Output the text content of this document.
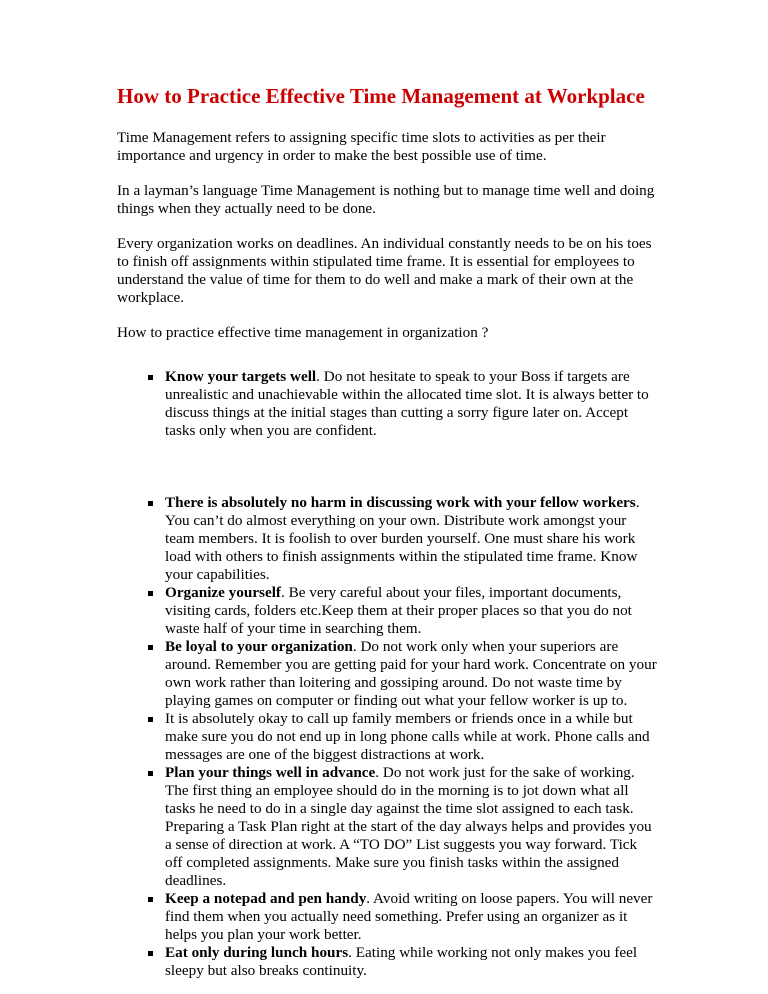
How to Practice Effective Time Management at Workplace

Time Management refers to assigning specific time slots to activities as per their importance and urgency in order to make the best possible use of time.

In a layman’s language Time Management is nothing but to manage time well and doing things when they actually need to be done.

Every organization works on deadlines. An individual constantly needs to be on his toes to finish off assignments within stipulated time frame. It is essential for employees to understand the value of time for them to do well and make a mark of their own at the workplace.

How to practice effective time management in organization ?

Know your targets well. Do not hesitate to speak to your Boss if targets are unrealistic and unachievable within the allocated time slot. It is always better to discuss things at the initial stages than cutting a sorry figure later on. Accept tasks only when you are confident.
There is absolutely no harm in discussing work with your fellow workers. You can’t do almost everything on your own. Distribute work amongst your team members. It is foolish to over burden yourself. One must share his work load with others to finish assignments within the stipulated time frame. Know your capabilities.
Organize yourself. Be very careful about your files, important documents, visiting cards, folders etc.Keep them at their proper places so that you do not waste half of your time in searching them.
Be loyal to your organization. Do not work only when your superiors are around. Remember you are getting paid for your hard work. Concentrate on your own work rather than loitering and gossiping around. Do not waste time by playing games on computer or finding out what your fellow worker is up to.
It is absolutely okay to call up family members or friends once in a while but make sure you do not end up in long phone calls while at work. Phone calls and messages are one of the biggest distractions at work.
Plan your things well in advance. Do not work just for the sake of working. The first thing an employee should do in the morning is to jot down what all tasks he need to do in a single day against the time slot assigned to each task. Preparing a Task Plan right at the start of the day always helps and provides you a sense of direction at work. A “TO DO” List suggests you way forward. Tick off completed assignments. Make sure you finish tasks within the assigned deadlines.
Keep a notepad and pen handy. Avoid writing on loose papers. You will never find them when you actually need something. Prefer using an organizer as it helps you plan your work better.
Eat only during lunch hours. Eating while working not only makes you feel sleepy but also breaks continuity.
